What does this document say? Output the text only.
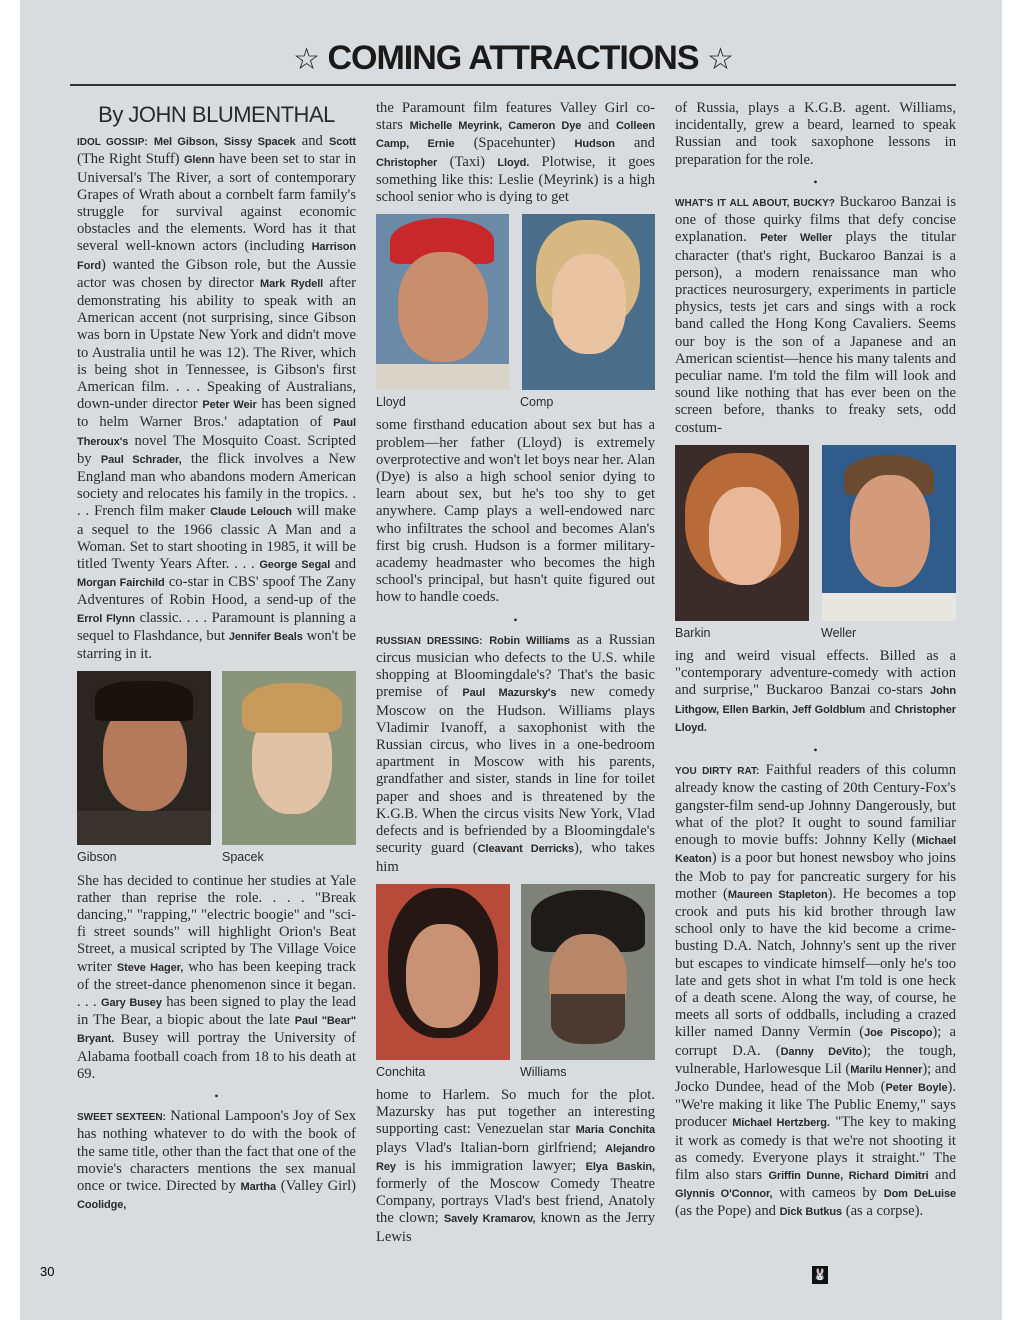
☆ COMING ATTRACTIONS ☆
By JOHN BLUMENTHAL

IDOL GOSSIP: Mel Gibson, Sissy Spacek and Scott (The Right Stuff) Glenn have been set to star in Universal's The River, a sort of contemporary Grapes of Wrath about a cornbelt farm family's struggle for survival against economic obstacles and the elements. Word has it that several well-known actors (including Harrison Ford) wanted the Gibson role, but the Aussie actor was chosen by director Mark Rydell after demonstrating his ability to speak with an American accent (not surprising, since Gibson was born in Upstate New York and didn't move to Australia until he was 12). The River, which is being shot in Tennessee, is Gibson's first American film. . . . Speaking of Australians, down-under director Peter Weir has been signed to helm Warner Bros.' adaptation of Paul Theroux's novel The Mosquito Coast. Scripted by Paul Schrader, the flick involves a New England man who abandons modern American society and relocates his family in the tropics. . . . French film maker Claude Lelouch will make a sequel to the 1966 classic A Man and a Woman. Set to start shooting in 1985, it will be titled Twenty Years After. . . . George Segal and Morgan Fairchild co-star in CBS' spoof The Zany Adventures of Robin Hood, a send-up of the Errol Flynn classic. . . . Paramount is planning a sequel to Flashdance, but Jennifer Beals won't be starring in it.

Gibson	Spacek

She has decided to continue her studies at Yale rather than reprise the role. . . . "Break dancing," "rapping," "electric boogie" and "sci-fi street sounds" will highlight Orion's Beat Street, a musical scripted by The Village Voice writer Steve Hager, who has been keeping track of the street-dance phenomenon since it began. . . . Gary Busey has been signed to play the lead in The Bear, a biopic about the late Paul "Bear" Bryant. Busey will portray the University of Alabama football coach from 18 to his death at 69.

•

SWEET SEXTEEN: National Lampoon's Joy of Sex has nothing whatever to do with the book of the same title, other than the fact that one of the movie's characters mentions the sex manual once or twice. Directed by Martha (Valley Girl) Coolidge,

the Paramount film features Valley Girl co-stars Michelle Meyrink, Cameron Dye and Colleen Camp, Ernie (Spacehunter) Hudson and Christopher (Taxi) Lloyd. Plotwise, it goes something like this: Leslie (Meyrink) is a high school senior who is dying to get

Lloyd	Comp

some firsthand education about sex but has a problem—her father (Lloyd) is extremely overprotective and won't let boys near her. Alan (Dye) is also a high school senior dying to learn about sex, but he's too shy to get anywhere. Camp plays a well-endowed narc who infiltrates the school and becomes Alan's first big crush. Hudson is a former military-academy headmaster who becomes the high school's principal, but hasn't quite figured out how to handle coeds.

•

RUSSIAN DRESSING: Robin Williams as a Russian circus musician who defects to the U.S. while shopping at Bloomingdale's? That's the basic premise of Paul Mazursky's new comedy Moscow on the Hudson. Williams plays Vladimir Ivanoff, a saxophonist with the Russian circus, who lives in a one-bedroom apartment in Moscow with his parents, grandfather and sister, stands in line for toilet paper and shoes and is threatened by the K.G.B. When the circus visits New York, Vlad defects and is befriended by a Bloomingdale's security guard (Cleavant Derricks), who takes him

Conchita	Williams

home to Harlem. So much for the plot. Mazursky has put together an interesting supporting cast: Venezuelan star Maria Conchita plays Vlad's Italian-born girlfriend; Alejandro Rey is his immigration lawyer; Elya Baskin, formerly of the Moscow Comedy Theatre Company, portrays Vlad's best friend, Anatoly the clown; Savely Kramarov, known as the Jerry Lewis

of Russia, plays a K.G.B. agent. Williams, incidentally, grew a beard, learned to speak Russian and took saxophone lessons in preparation for the role.

•

WHAT'S IT ALL ABOUT, BUCKY? Buckaroo Banzai is one of those quirky films that defy concise explanation. Peter Weller plays the titular character (that's right, Buckaroo Banzai is a person), a modern renaissance man who practices neurosurgery, experiments in particle physics, tests jet cars and sings with a rock band called the Hong Kong Cavaliers. Seems our boy is the son of a Japanese and an American scientist—hence his many talents and peculiar name. I'm told the film will look and sound like nothing that has ever been on the screen before, thanks to freaky sets, odd costum-

Barkin	Weller

ing and weird visual effects. Billed as a "contemporary adventure-comedy with action and surprise," Buckaroo Banzai co-stars John Lithgow, Ellen Barkin, Jeff Goldblum and Christopher Lloyd.

•

YOU DIRTY RAT: Faithful readers of this column already know the casting of 20th Century-Fox's gangster-film send-up Johnny Dangerously, but what of the plot? It ought to sound familiar enough to movie buffs: Johnny Kelly (Michael Keaton) is a poor but honest newsboy who joins the Mob to pay for pancreatic surgery for his mother (Maureen Stapleton). He becomes a top crook and puts his kid brother through law school only to have the kid become a crime-busting D.A. Natch, Johnny's sent up the river but escapes to vindicate himself—only he's too late and gets shot in what I'm told is one heck of a death scene. Along the way, of course, he meets all sorts of oddballs, including a crazed killer named Danny Vermin (Joe Piscopo); a corrupt D.A. (Danny DeVito); the tough, vulnerable, Harlowesque Lil (Marilu Henner); and Jocko Dundee, head of the Mob (Peter Boyle). "We're making it like The Public Enemy," says producer Michael Hertzberg. "The key to making it work as comedy is that we're not shooting it as comedy. Everyone plays it straight." The film also stars Griffin Dunne, Richard Dimitri and Glynnis O'Connor, with cameos by Dom DeLuise (as the Pope) and Dick Butkus (as a corpse).

30	🐰
